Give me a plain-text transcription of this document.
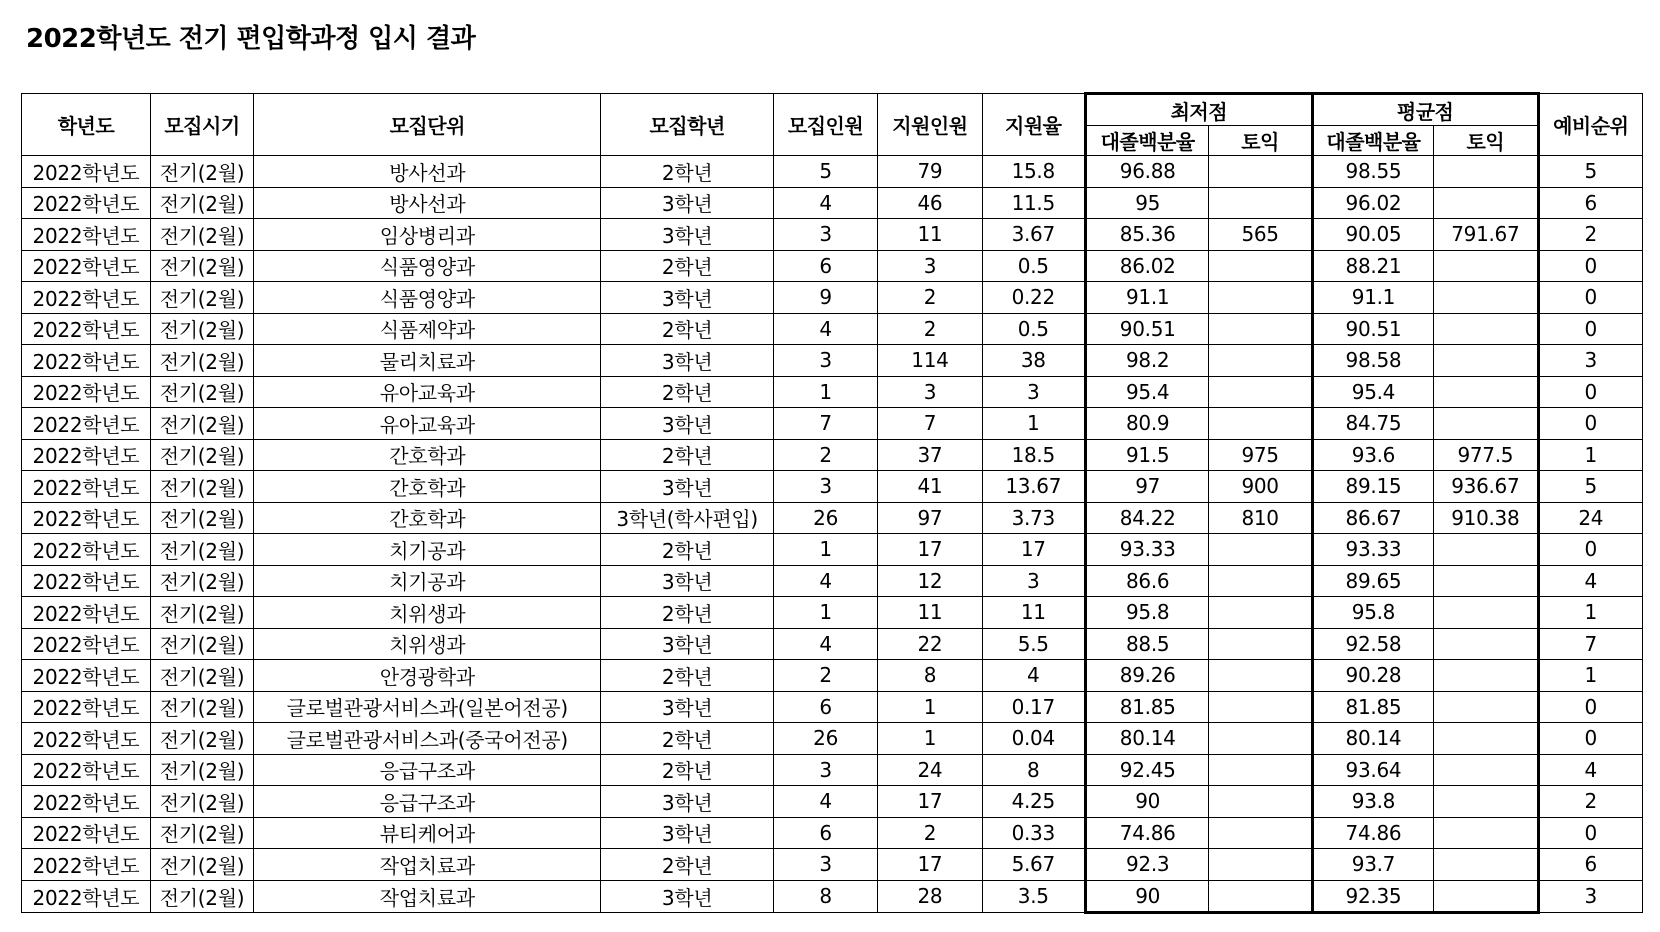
2022학년도 전기 편입학과정 입시 결과
학년도	모집시기	모집단위	모집학년	모집인원	지원인원	지원율	최저점		평균점		예비순위
							대졸백분율	토익	대졸백분율	토익	
2022학년도	전기(2월)	방사선과	2학년	5	79	15.8	96.88		98.55		5
2022학년도	전기(2월)	방사선과	3학년	4	46	11.5	95		96.02		6
2022학년도	전기(2월)	임상병리과	3학년	3	11	3.67	85.36	565	90.05	791.67	2
2022학년도	전기(2월)	식품영양과	2학년	6	3	0.5	86.02		88.21		0
2022학년도	전기(2월)	식품영양과	3학년	9	2	0.22	91.1		91.1		0
2022학년도	전기(2월)	식품제약과	2학년	4	2	0.5	90.51		90.51		0
2022학년도	전기(2월)	물리치료과	3학년	3	114	38	98.2		98.58		3
2022학년도	전기(2월)	유아교육과	2학년	1	3	3	95.4		95.4		0
2022학년도	전기(2월)	유아교육과	3학년	7	7	1	80.9		84.75		0
2022학년도	전기(2월)	간호학과	2학년	2	37	18.5	91.5	975	93.6	977.5	1
2022학년도	전기(2월)	간호학과	3학년	3	41	13.67	97	900	89.15	936.67	5
2022학년도	전기(2월)	간호학과	3학년(학사편입)	26	97	3.73	84.22	810	86.67	910.38	24
2022학년도	전기(2월)	치기공과	2학년	1	17	17	93.33		93.33		0
2022학년도	전기(2월)	치기공과	3학년	4	12	3	86.6		89.65		4
2022학년도	전기(2월)	치위생과	2학년	1	11	11	95.8		95.8		1
2022학년도	전기(2월)	치위생과	3학년	4	22	5.5	88.5		92.58		7
2022학년도	전기(2월)	안경광학과	2학년	2	8	4	89.26		90.28		1
2022학년도	전기(2월)	글로벌관광서비스과(일본어전공)	3학년	6	1	0.17	81.85		81.85		0
2022학년도	전기(2월)	글로벌관광서비스과(중국어전공)	2학년	26	1	0.04	80.14		80.14		0
2022학년도	전기(2월)	응급구조과	2학년	3	24	8	92.45		93.64		4
2022학년도	전기(2월)	응급구조과	3학년	4	17	4.25	90		93.8		2
2022학년도	전기(2월)	뷰티케어과	3학년	6	2	0.33	74.86		74.86		0
2022학년도	전기(2월)	작업치료과	2학년	3	17	5.67	92.3		93.7		6
2022학년도	전기(2월)	작업치료과	3학년	8	28	3.5	90		92.35		3
